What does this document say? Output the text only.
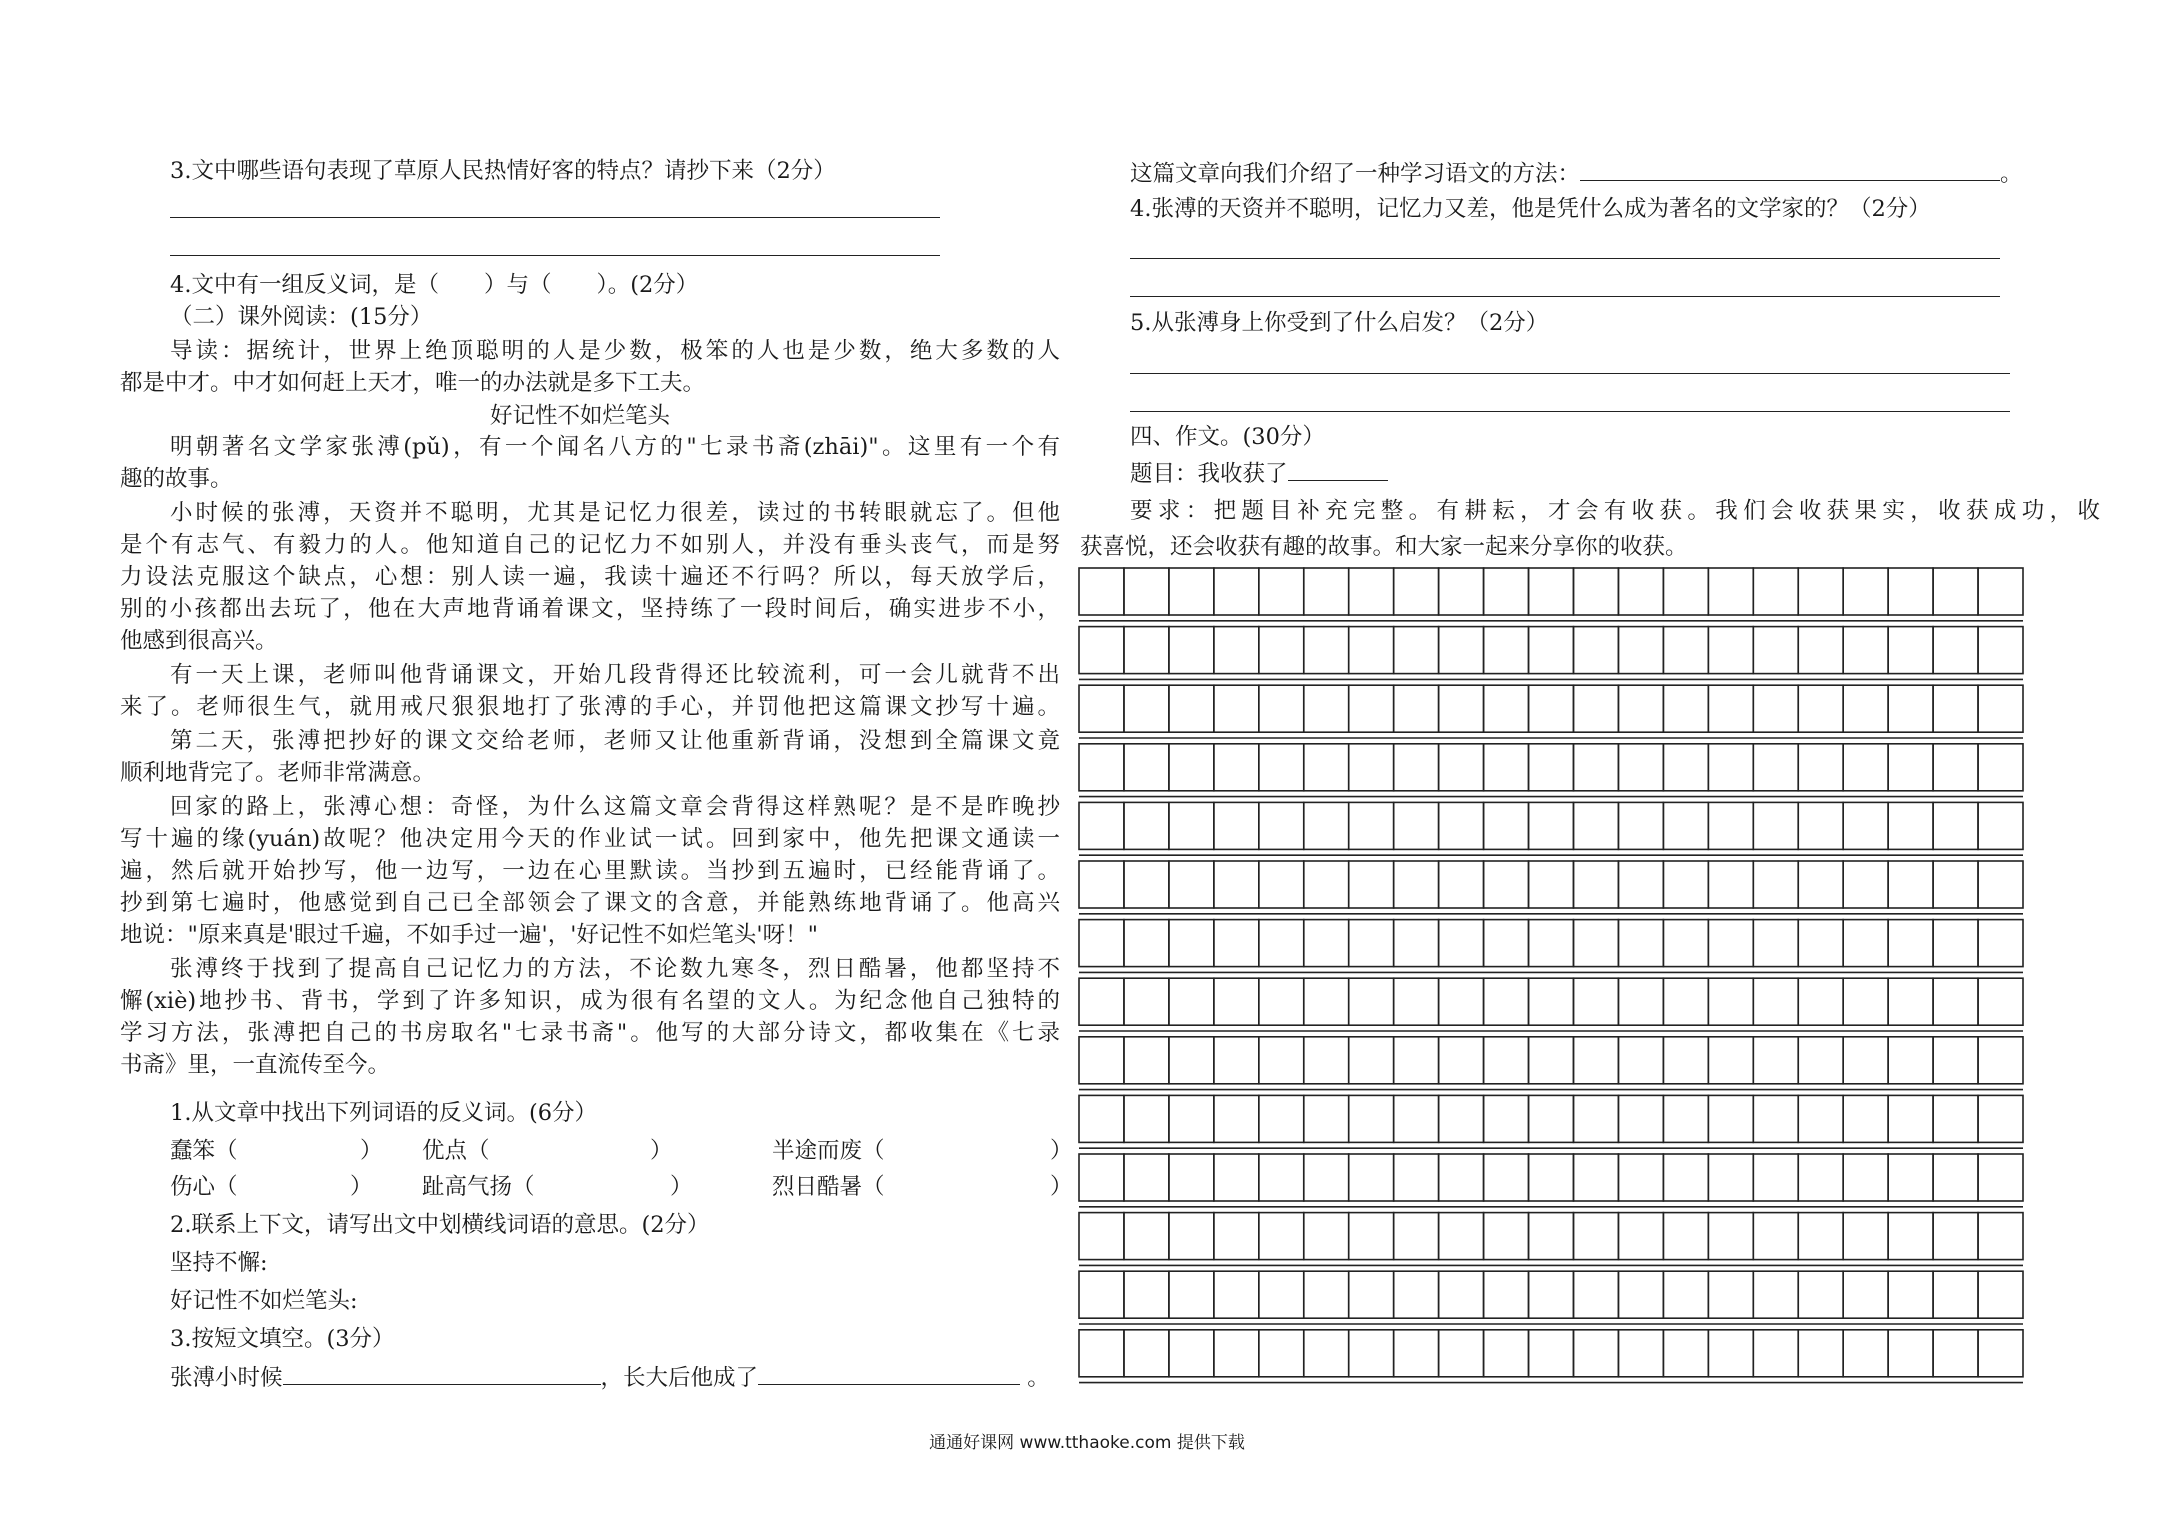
3.文中哪些语句表现了草原人民热情好客的特点？请抄下来（2分）
4.文中有一组反义词，是（　　）与（　　）。(2分）
（二）课外阅读：(15分）
导读：据统计，世界上绝顶聪明的人是少数，极笨的人也是少数，绝大多数的人
都是中才。中才如何赶上天才，唯一的办法就是多下工夫。
好记性不如烂笔头
明朝著名文学家张溥(pǔ)，有一个闻名八方的"七录书斋(zhāi)"。这里有一个有
趣的故事。
小时候的张溥，天资并不聪明，尤其是记忆力很差，读过的书转眼就忘了。但他
是个有志气、有毅力的人。他知道自己的记忆力不如别人，并没有垂头丧气，而是努
力设法克服这个缺点，心想：别人读一遍，我读十遍还不行吗？所以，每天放学后，
别的小孩都出去玩了，他在大声地背诵着课文，坚持练了一段时间后，确实进步不小，
他感到很高兴。
有一天上课，老师叫他背诵课文，开始几段背得还比较流利，可一会儿就背不出
来了。老师很生气，就用戒尺狠狠地打了张溥的手心，并罚他把这篇课文抄写十遍。
第二天，张溥把抄好的课文交给老师，老师又让他重新背诵，没想到全篇课文竟
顺利地背完了。老师非常满意。
回家的路上，张溥心想：奇怪，为什么这篇文章会背得这样熟呢？是不是昨晚抄
写十遍的缘(yuán)故呢？他决定用今天的作业试一试。回到家中，他先把课文通读一
遍，然后就开始抄写，他一边写，一边在心里默读。当抄到五遍时，已经能背诵了。
抄到第七遍时，他感觉到自己已全部领会了课文的含意，并能熟练地背诵了。他高兴
地说："原来真是'眼过千遍，不如手过一遍'，'好记性不如烂笔头'呀！"
张溥终于找到了提高自己记忆力的方法，不论数九寒冬，烈日酷暑，他都坚持不
懈(xiè)地抄书、背书，学到了许多知识，成为很有名望的文人。为纪念他自己独特的
学习方法，张溥把自己的书房取名"七录书斋"。他写的大部分诗文，都收集在《七录
书斋》里，一直流传至今。
1.从文章中找出下列词语的反义词。(6分）
蠢笨（	） 优点（	）	半途而废（	）
伤心（	） 趾高气扬（	）	烈日酷暑（	）
2.联系上下文，请写出文中划横线词语的意思。(2分）
坚持不懈:
好记性不如烂笔头:
3.按短文填空。(3分）
张溥小时候	，长大后他成了	。
这篇文章向我们介绍了一种学习语文的方法：	。
4.张溥的天资并不聪明，记忆力又差，他是凭什么成为著名的文学家的？（2分）
5.从张溥身上你受到了什么启发？（2分）
四、作文。(30分）
题目：我收获了
要求：把题目补充完整。有耕耘，才会有收获。我们会收获果实，收获成功，收
获喜悦，还会收获有趣的故事。和大家一起来分享你的收获。
通通好课网 www.tthaoke.com 提供下载
